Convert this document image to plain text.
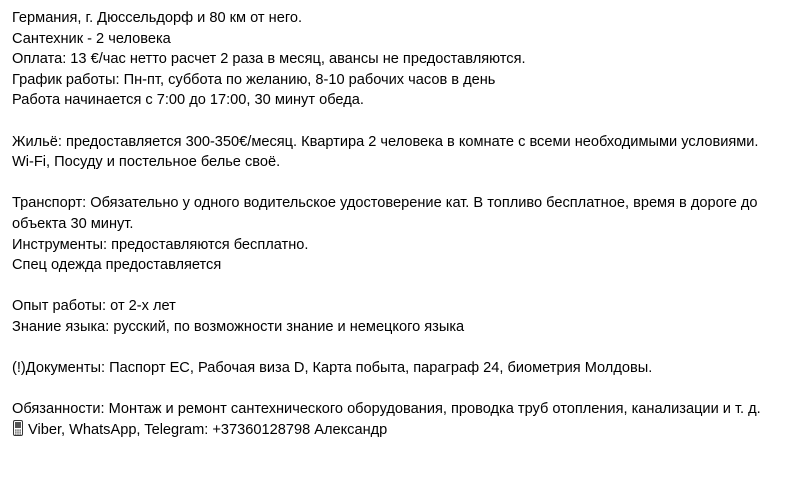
Германия, г. Дюссельдорф и 80 км от него.
Сантехник - 2 человека
Оплата: 13 €/час нетто расчет 2 раза в месяц, авансы не предоставляются.
График работы: Пн-пт, суббота по желанию, 8-10 рабочих часов в день
Работа начинается с 7:00 до 17:00, 30 минут обеда.
Жильё: предоставляется 300-350€/месяц. Квартира 2 человека в комнате с всеми необходимыми условиями. Wi-Fi, Посуду и постельное белье своё.
Транспорт: Обязательно у одного водительское удостоверение кат. В топливо бесплатное, время в дороге до объекта 30 минут.
Инструменты: предоставляются бесплатно.
Спец одежда предоставляется
Опыт работы: от 2-х лет
Знание языка: русский, по возможности знание и немецкого языка
(!)Документы: Паспорт ЕС, Рабочая виза D, Карта побыта, параграф 24, биометрия Молдовы.
Обязанности: Монтаж и ремонт сантехнического оборудования, проводка труб отопления, канализации и т. д.
Viber, WhatsApp, Telegram: +37360128798 Александр
